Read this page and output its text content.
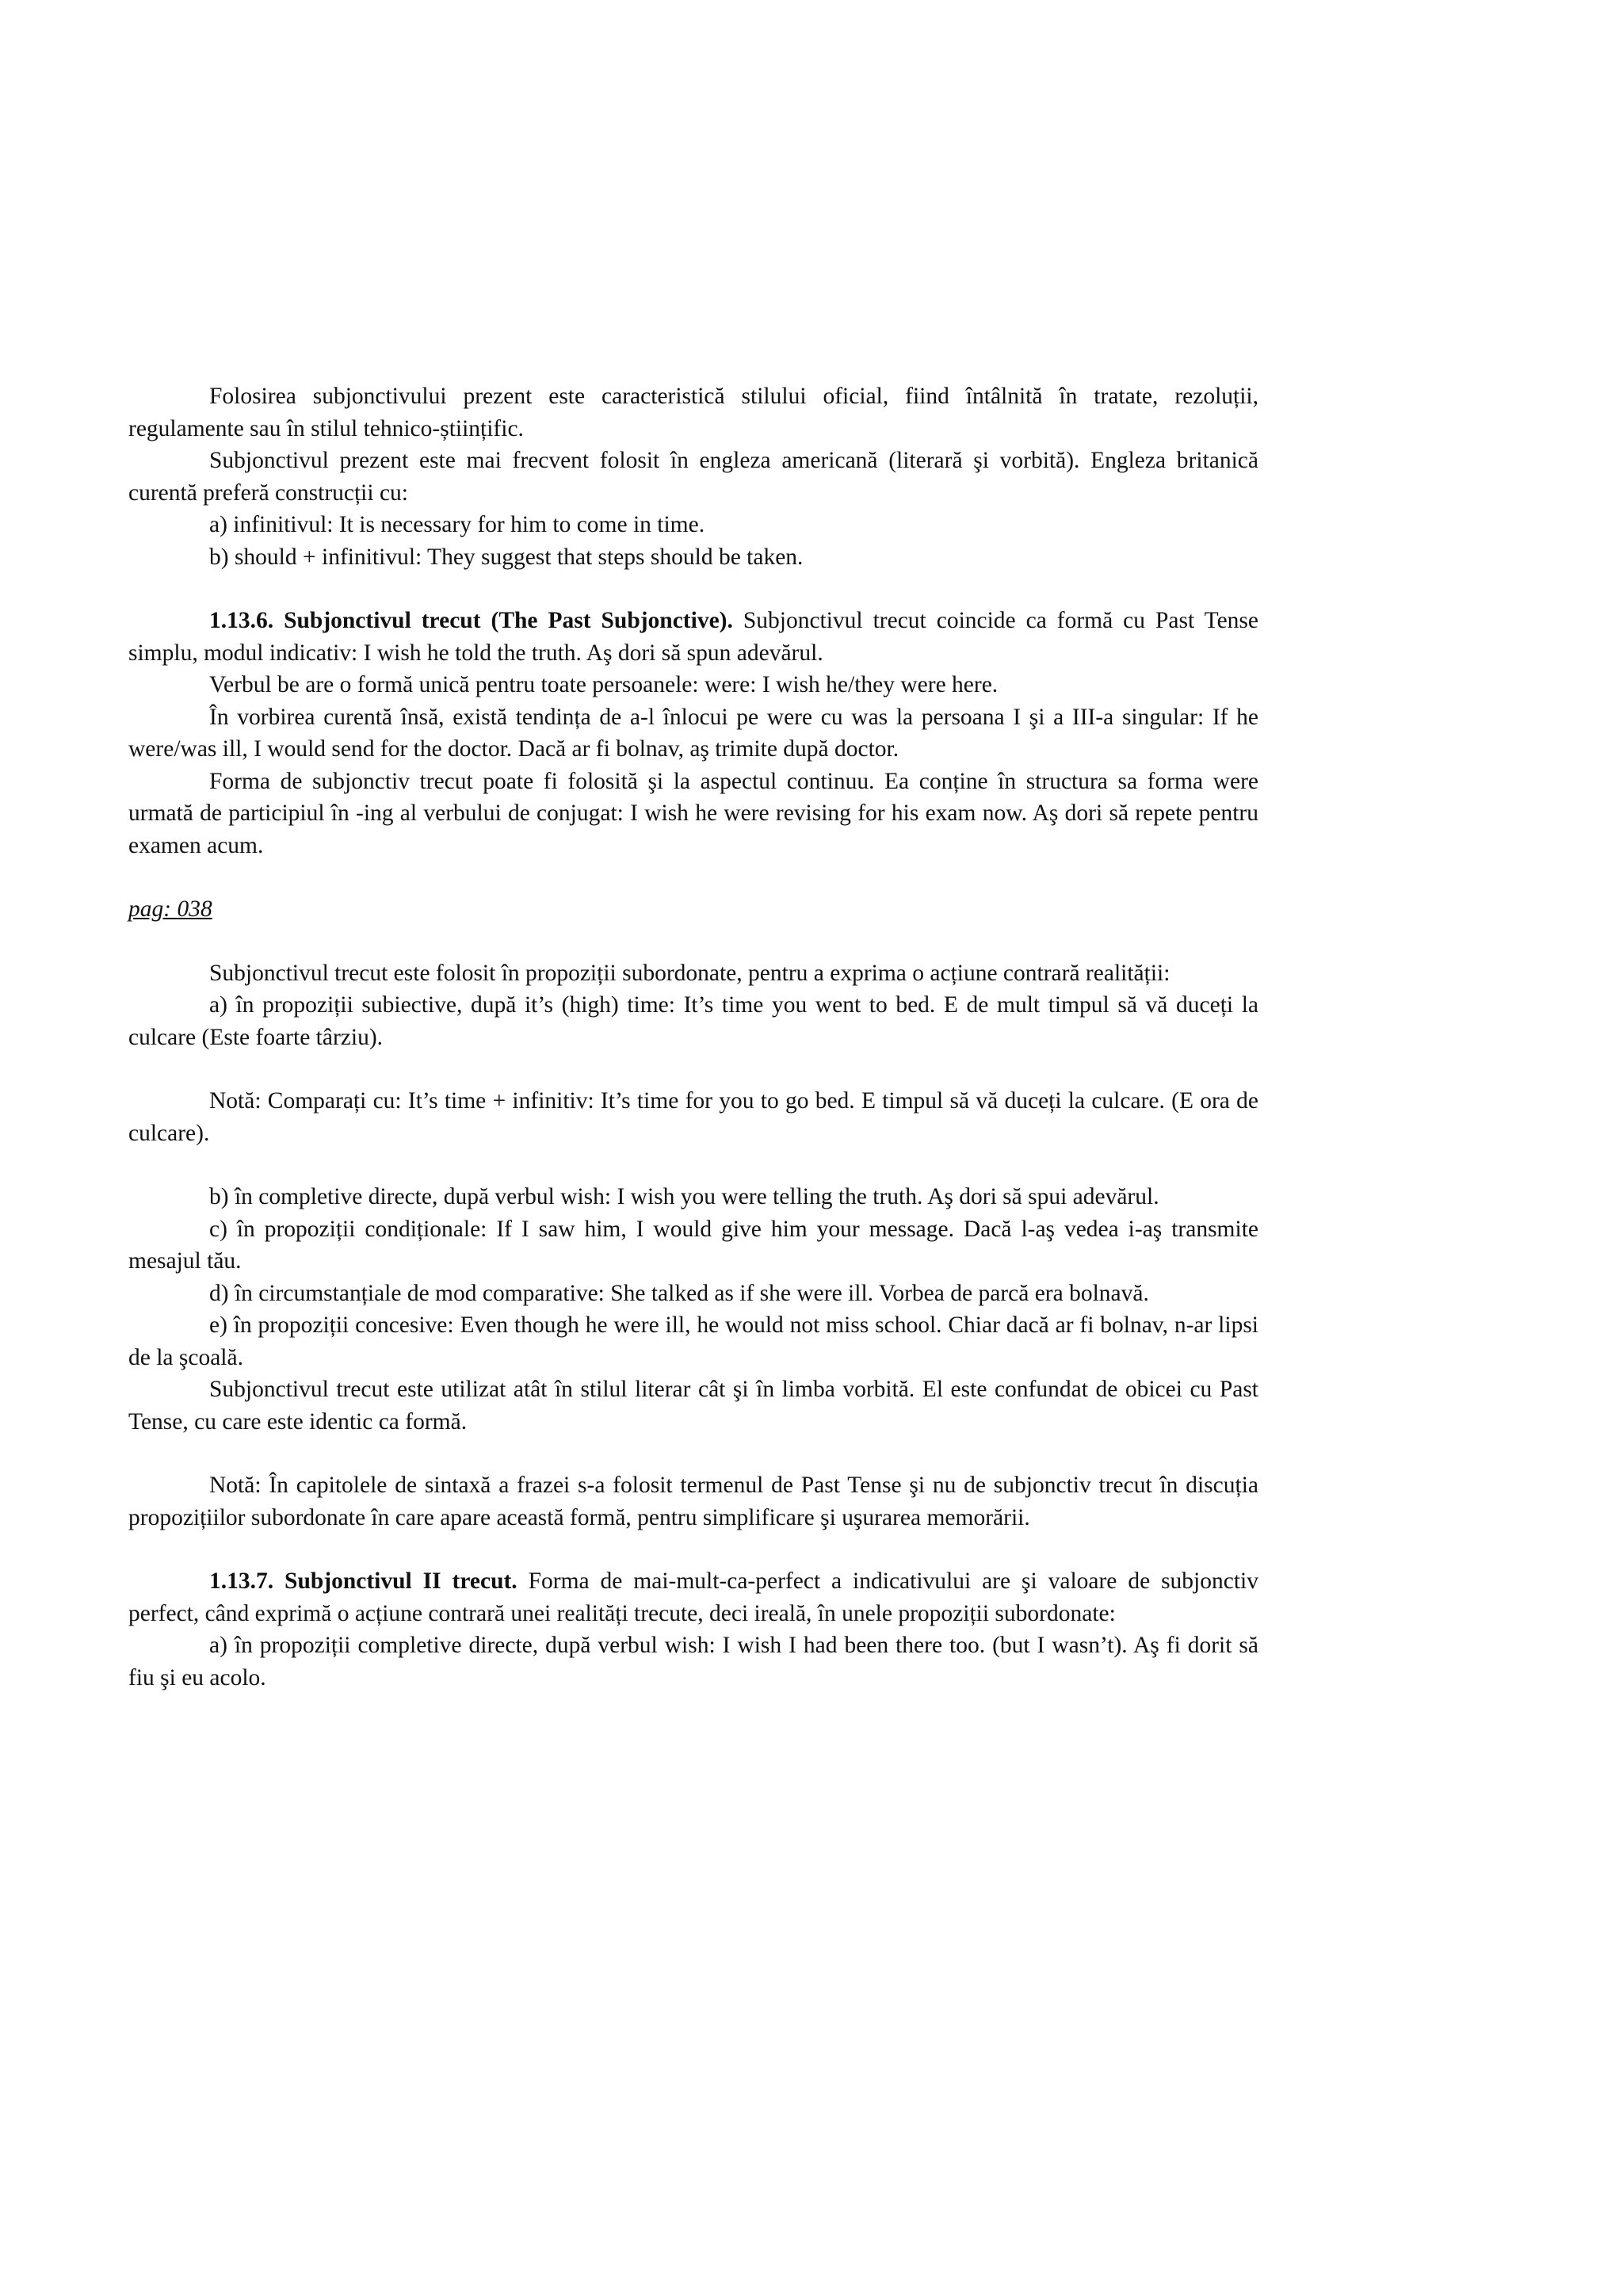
Folosirea subjonctivului prezent este caracteristică stilului oficial, fiind întâlnită în tratate, rezoluții, regulamente sau în stilul tehnico-științific.

Subjonctivul prezent este mai frecvent folosit în engleza americană (literară şi vorbită). Engleza britanică curentă preferă construcții cu:

a) infinitivul: It is necessary for him to come in time.

b) should + infinitivul: They suggest that steps should be taken.

1.13.6. Subjonctivul trecut (The Past Subjonctive). Subjonctivul trecut coincide ca formă cu Past Tense simplu, modul indicativ: I wish he told the truth. Aş dori să spun adevărul.

Verbul be are o formă unică pentru toate persoanele: were: I wish he/they were here.

În vorbirea curentă însă, există tendința de a-l înlocui pe were cu was la persoana I şi a III-a singular: If he were/was ill, I would send for the doctor. Dacă ar fi bolnav, aş trimite după doctor.

Forma de subjonctiv trecut poate fi folosită şi la aspectul continuu. Ea conține în structura sa forma were urmată de participiul în -ing al verbului de conjugat: I wish he were revising for his exam now. Aş dori să repete pentru examen acum.

pag: 038

Subjonctivul trecut este folosit în propoziții subordonate, pentru a exprima o acțiune contrară realității:

a) în propoziții subiective, după it’s (high) time: It’s time you went to bed. E de mult timpul să vă duceți la culcare (Este foarte târziu).

Notă: Comparați cu: It’s time + infinitiv: It’s time for you to go bed. E timpul să vă duceți la culcare. (E ora de culcare).

b) în completive directe, după verbul wish: I wish you were telling the truth. Aş dori să spui adevărul.

c) în propoziții condiționale: If I saw him, I would give him your message. Dacă l-aş vedea i-aş transmite mesajul tău.

d) în circumstanțiale de mod comparative: She talked as if she were ill. Vorbea de parcă era bolnavă.

e) în propoziții concesive: Even though he were ill, he would not miss school. Chiar dacă ar fi bolnav, n-ar lipsi de la şcoală.

Subjonctivul trecut este utilizat atât în stilul literar cât şi în limba vorbită. El este confundat de obicei cu Past Tense, cu care este identic ca formă.

Notă: În capitolele de sintaxă a frazei s-a folosit termenul de Past Tense şi nu de subjonctiv trecut în discuția propozițiilor subordonate în care apare această formă, pentru simplificare şi uşurarea memorării.

1.13.7. Subjonctivul II trecut. Forma de mai-mult-ca-perfect a indicativului are şi valoare de subjonctiv perfect, când exprimă o acțiune contrară unei realități trecute, deci ireală, în unele propoziții subordonate:

a) în propoziții completive directe, după verbul wish: I wish I had been there too. (but I wasn’t). Aş fi dorit să fiu şi eu acolo.
